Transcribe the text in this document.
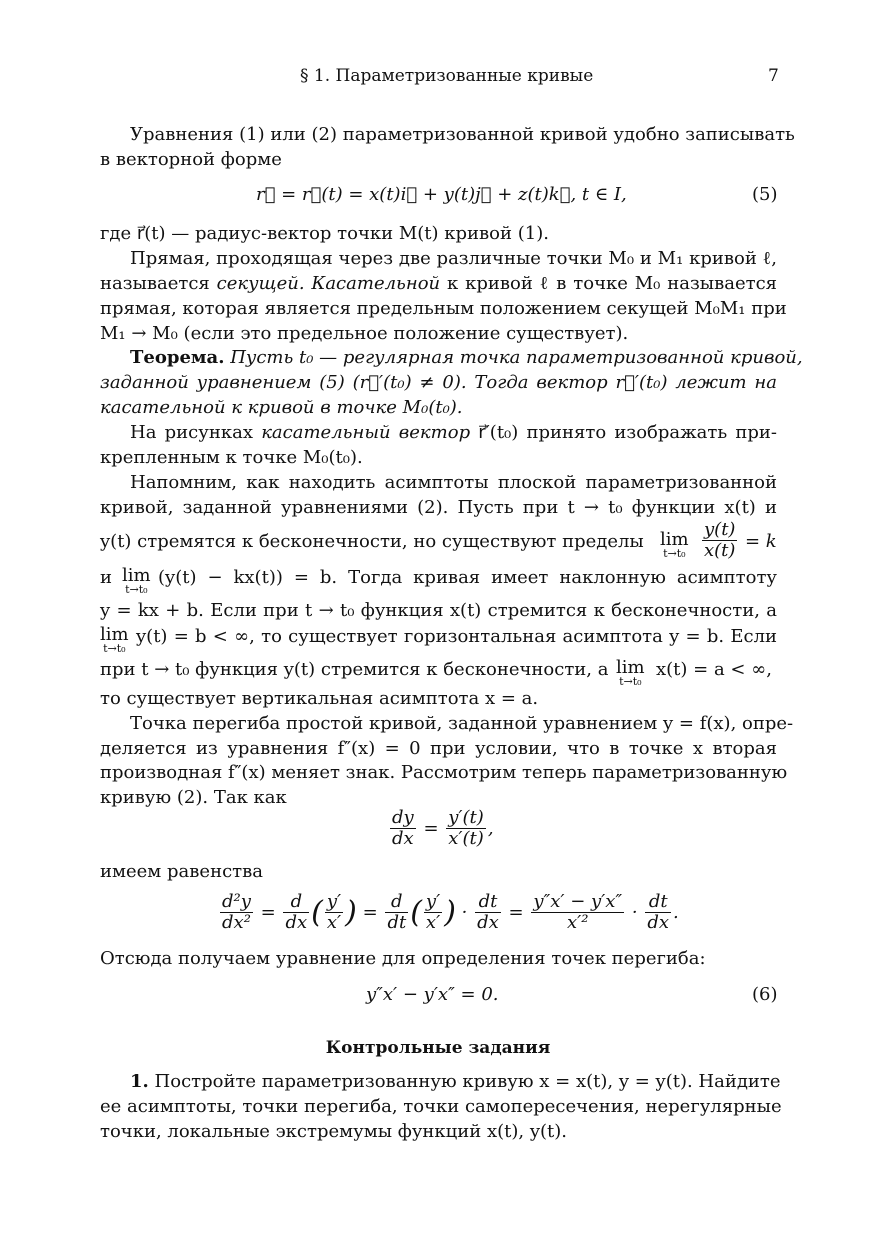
§ 1. Параметризованные кривые	7
Уравнения (1) или (2) параметризованной кривой удобно записывать
в векторной форме
r⃗ = r⃗(t) = x(t)i⃗ + y(t)j⃗ + z(t)k⃗, t ∈ I,	(5)
где r⃗(t) — радиус-вектор точки M(t) кривой (1).
Прямая, проходящая через две различные точки M₀ и M₁ кривой ℓ,
называется секущей. Касательной к кривой ℓ в точке M₀ называется
прямая, которая является предельным положением секущей M₀M₁ при
M₁ → M₀ (если это предельное положение существует).
Теорема. Пусть t₀ — регулярная точка параметризованной кривой,
заданной уравнением (5) (r⃗′(t₀) ≠ 0). Тогда вектор r⃗′(t₀) лежит на
касательной к кривой в точке M₀(t₀).
На рисунках касательный вектор r⃗′(t₀) принято изображать при-
крепленным к точке M₀(t₀).
Напомним, как находить асимптоты плоской параметризованной
кривой, заданной уравнениями (2). Пусть при t → t₀ функции x(t) и
y(t) стремятся к бесконечности, но существуют пределы lim
$t\to t_0 \frac{y(t)}{x(t)} = k$
и lim
t→t₀
(y(t) − kx(t)) = b. Тогда кривая имеет наклонную асимптоту
y = kx + b. Если при t → t₀ функция x(t) стремится к бесконечности, а
lim
t→t₀
y(t) = b < ∞, то существует горизонтальная асимптота y = b. Если
при t → t₀ функция y(t) стремится к бесконечности, а lim
t→t₀
x(t) = a < ∞,
то существует вертикальная асимптота x = a.
Точка перегиба простой кривой, заданной уравнением y = f(x), опре-
деляется из уравнения f″(x) = 0 при условии, что в точке x вторая
производная f″(x) меняет знак. Рассмотрим теперь параметризованную
кривую (2). Так как
$\frac{dy}{dx} = \frac{y'(t)}{x'(t)}$ ,
имеем равенства
$\frac{\text{d²y}}{\text{dx²}} = \frac{d}{dx}$ ( $\frac{y'}{x'}$ ) = $\frac{d}{dt}$ ( $\frac{y'}{x'}$ ) · $\frac{dt}{dx} = \frac{y''x' - y'x''}{\text{x′²}} \cdot \frac{dt}{dx}$ .
Отсюда получаем уравнение для определения точек перегиба:
y″x′ − y′x″ = 0.	(6)
Контрольные задания
1. Постройте параметризованную кривую x = x(t), y = y(t). Найдите
ее асимптоты, точки перегиба, точки самопересечения, нерегулярные
точки, локальные экстремумы функций x(t), y(t).
